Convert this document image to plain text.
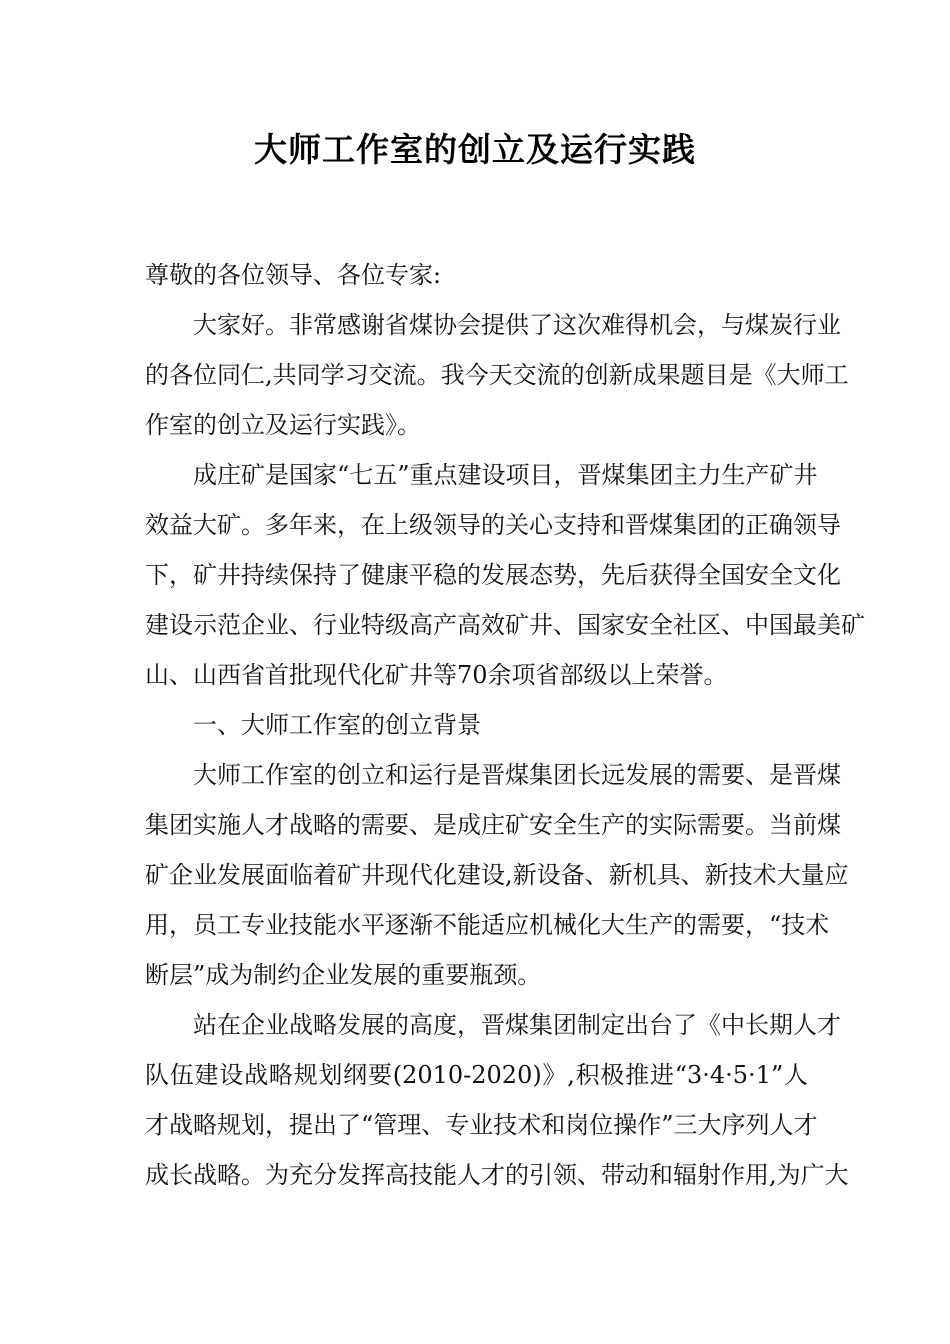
大师工作室的创立及运行实践
尊敬的各位领导、各位专家:
大家好。非常感谢省煤协会提供了这次难得机会，与煤炭行业
的各位同仁,共同学习交流。我今天交流的创新成果题目是《大师工
作室的创立及运行实践》。
成庄矿是国家“七五”重点建设项目，晋煤集团主力生产矿井
效益大矿。多年来，在上级领导的关心支持和晋煤集团的正确领导
下，矿井持续保持了健康平稳的发展态势，先后获得全国安全文化
建设示范企业、行业特级高产高效矿井、国家安全社区、中国最美矿
山、山西省首批现代化矿井等70余项省部级以上荣誉。
一、大师工作室的创立背景
大师工作室的创立和运行是晋煤集团长远发展的需要、是晋煤
集团实施人才战略的需要、是成庄矿安全生产的实际需要。当前煤
矿企业发展面临着矿井现代化建设,新设备、新机具、新技术大量应
用，员工专业技能水平逐渐不能适应机械化大生产的需要，“技术
断层”成为制约企业发展的重要瓶颈。
站在企业战略发展的高度，晋煤集团制定出台了《中长期人才
队伍建设战略规划纲要(2010-2020)》,积极推进“3·4·5·1”人
才战略规划，提出了“管理、专业技术和岗位操作”三大序列人才
成长战略。为充分发挥高技能人才的引领、带动和辐射作用,为广大
